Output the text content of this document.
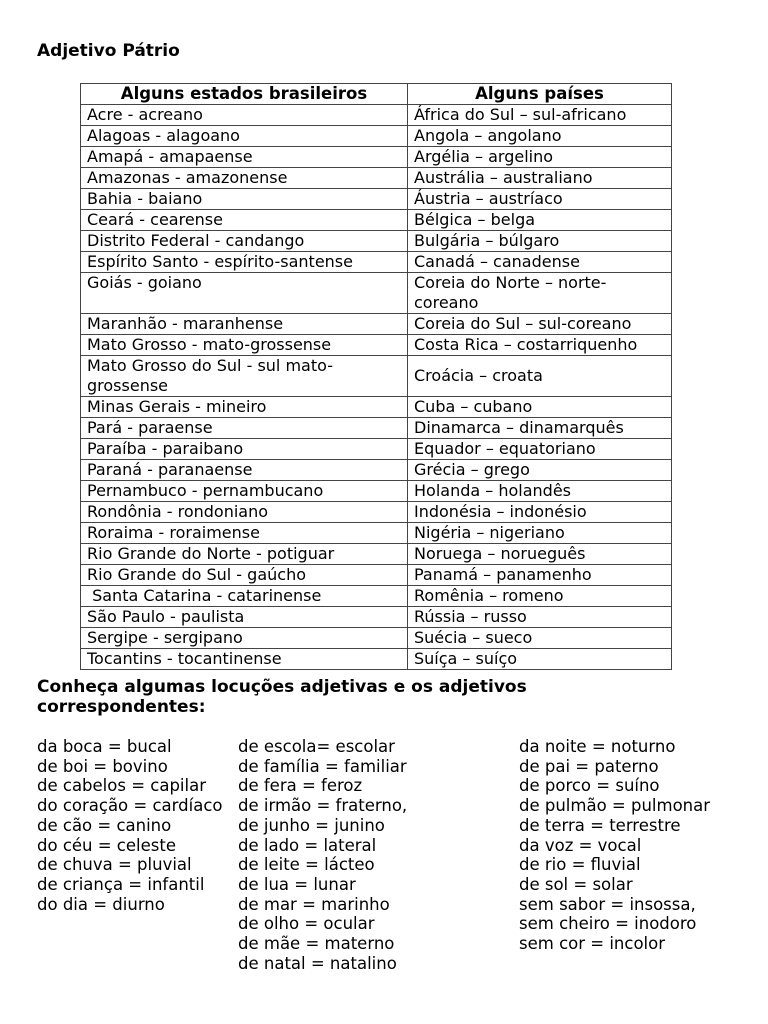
Adjetivo Pátrio
Alguns estados brasileiros	Alguns países
Acre - acreano	África do Sul – sul-africano
Alagoas - alagoano	Angola – angolano
Amapá - amapaense	Argélia – argelino
Amazonas - amazonense	Austrália – australiano
Bahia - baiano	Áustria – austríaco
Ceará - cearense	Bélgica – belga
Distrito Federal - candango	Bulgária – búlgaro
Espírito Santo - espírito-santense	Canadá – canadense
Goiás - goiano	Coreia do Norte – norte-coreano
Maranhão - maranhense	Coreia do Sul – sul-coreano
Mato Grosso - mato-grossense	Costa Rica – costarriquenho
Mato Grosso do Sul - sul mato-grossense	Croácia – croata
Minas Gerais - mineiro	Cuba – cubano
Pará - paraense	Dinamarca – dinamarquês
Paraíba - paraibano	Equador – equatoriano
Paraná - paranaense	Grécia – grego
Pernambuco - pernambucano	Holanda – holandês
Rondônia - rondoniano	Indonésia – indonésio
Roraima - roraimense	Nigéria – nigeriano
Rio Grande do Norte - potiguar	Noruega – norueguês
Rio Grande do Sul - gaúcho	Panamá – panamenho
Santa Catarina - catarinense	Romênia – romeno
São Paulo - paulista	Rússia – russo
Sergipe - sergipano	Suécia – sueco
Tocantins - tocantinense	Suíça – suíço
Conheça algumas locuções adjetivas e os adjetivos correspondentes:
da boca = bucal
de boi = bovino
de cabelos = capilar
do coração = cardíaco
de cão = canino
do céu = celeste
de chuva = pluvial
de criança = infantil
do dia = diurno
de escola= escolar
de família = familiar
de fera = feroz
de irmão = fraterno,
de junho = junino
de lado = lateral
de leite = lácteo
de lua = lunar
de mar = marinho
de olho = ocular
de mãe = materno
de natal = natalino
da noite = noturno
de pai = paterno
de porco = suíno
de pulmão = pulmonar
de terra = terrestre
da voz = vocal
de rio = fluvial
de sol = solar
sem sabor = insossa,
sem cheiro = inodoro
sem cor = incolor
